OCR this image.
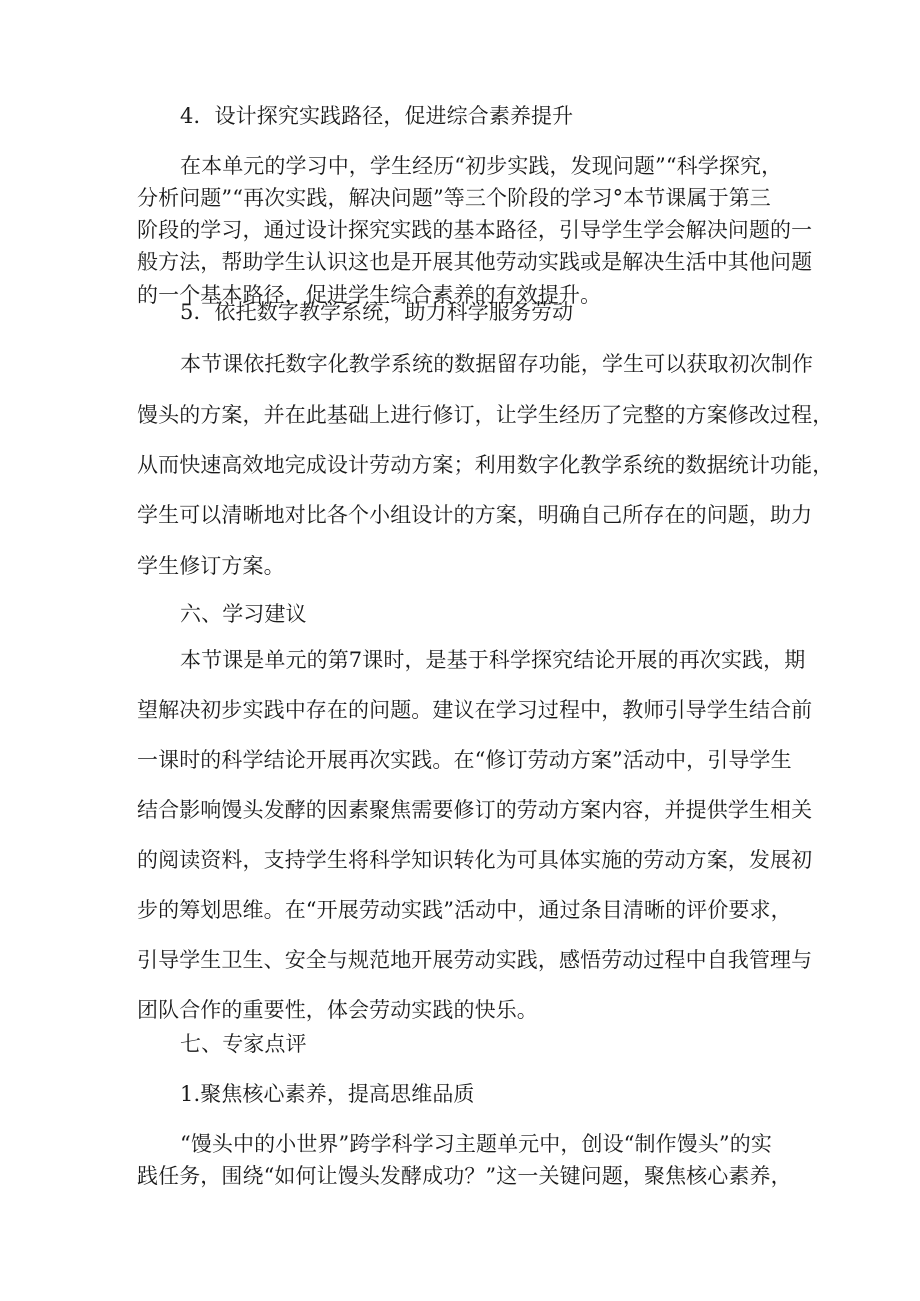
4．设计探究实践路径，促进综合素养提升
在本单元的学习中，学生经历“初步实践，发现问题”“科学探究，
分析问题”“再次实践，解决问题”等三个阶段的学习°本节课属于第三
阶段的学习，通过设计探究实践的基本路径，引导学生学会解决问题的一
般方法，帮助学生认识这也是开展其他劳动实践或是解决生活中其他问题
的一个基本路径，促进学生综合素养的有效提升。
5．依托数字教学系统，助力科学服务劳动
本节课依托数字化教学系统的数据留存功能，学生可以获取初次制作
馒头的方案，并在此基础上进行修订，让学生经历了完整的方案修改过程，
从而快速高效地完成设计劳动方案；利用数字化教学系统的数据统计功能，
学生可以清晰地对比各个小组设计的方案，明确自己所存在的问题，助力
学生修订方案。
六、学习建议
本节课是单元的第7课时，是基于科学探究结论开展的再次实践，期
望解决初步实践中存在的问题。建议在学习过程中，教师引导学生结合前
一课时的科学结论开展再次实践。在“修订劳动方案”活动中，引导学生
结合影响馒头发酵的因素聚焦需要修订的劳动方案内容，并提供学生相关
的阅读资料，支持学生将科学知识转化为可具体实施的劳动方案，发展初
步的筹划思维。在“开展劳动实践”活动中，通过条目清晰的评价要求，
引导学生卫生、安全与规范地开展劳动实践，感悟劳动过程中自我管理与
团队合作的重要性，体会劳动实践的快乐。
七、专家点评
1.聚焦核心素养，提高思维品质
“馒头中的小世界”跨学科学习主题单元中，创设“制作馒头”的实
践任务，围绕“如何让馒头发酵成功？”这一关键问题，聚焦核心素养，
